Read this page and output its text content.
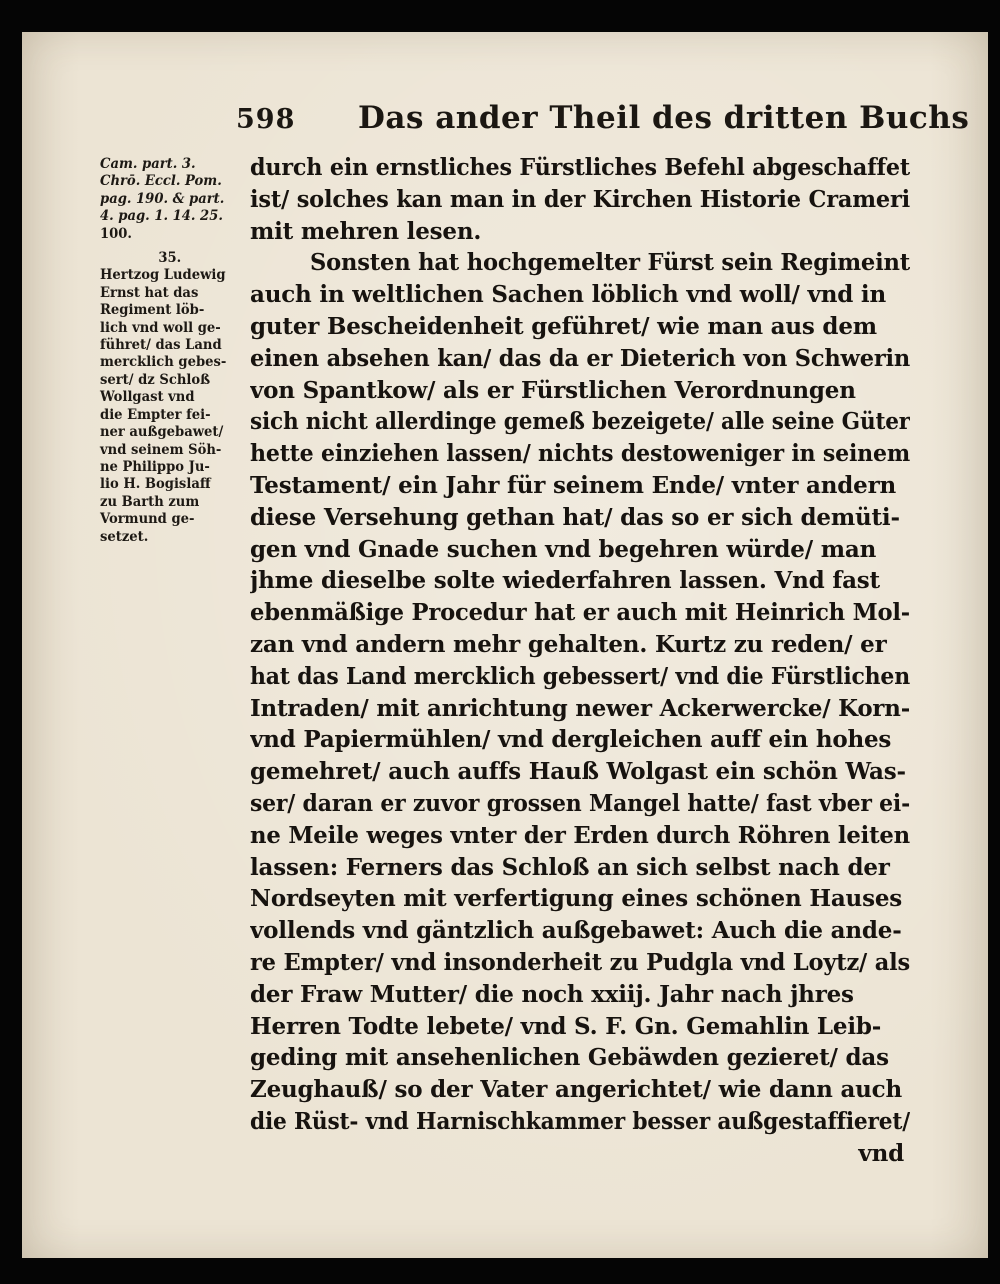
598 Das ander Theil des dritten Buchs
Cam. part. 3.
Chrō. Eccl. Pom.
pag. 190. & part.
4. pag. 1. 14. 25.
100.
35.
Hertzog Ludewig
Ernst hat das
Regiment löb-
lich vnd woll ge-
führet/ das Land
mercklich gebes-
sert/ dz Schloß
Wollgast vnd
die Empter fei-
ner außgebawet/
vnd seinem Söh-
ne Philippo Ju-
lio H. Bogislaff
zu Barth zum
Vormund ge-
setzet.
durch ein ernstliches Fürstliches Befehl abgeschaffet
ist/ solches kan man in der Kirchen Historie Crameri
mit mehren lesen.
Sonsten hat hochgemelter Fürst sein Regimeint
auch in weltlichen Sachen löblich vnd woll/ vnd in
guter Bescheidenheit geführet/ wie man aus dem
einen absehen kan/ das da er Dieterich von Schwerin
von Spantkow/ als er Fürstlichen Verordnungen
sich nicht allerdinge gemeß bezeigete/ alle seine Güter
hette einziehen lassen/ nichts destoweniger in seinem
Testament/ ein Jahr für seinem Ende/ vnter andern
diese Versehung gethan hat/ das so er sich demüti-
gen vnd Gnade suchen vnd begehren würde/ man
jhme dieselbe solte wiederfahren lassen. Vnd fast
ebenmäßige Procedur hat er auch mit Heinrich Mol-
zan vnd andern mehr gehalten. Kurtz zu reden/ er
hat das Land mercklich gebessert/ vnd die Fürstlichen
Intraden/ mit anrichtung newer Ackerwercke/ Korn-
vnd Papiermühlen/ vnd dergleichen auff ein hohes
gemehret/ auch auffs Hauß Wolgast ein schön Was-
ser/ daran er zuvor grossen Mangel hatte/ fast vber ei-
ne Meile weges vnter der Erden durch Röhren leiten
lassen: Ferners das Schloß an sich selbst nach der
Nordseyten mit verfertigung eines schönen Hauses
vollends vnd gäntzlich außgebawet: Auch die ande-
re Empter/ vnd insonderheit zu Pudgla vnd Loytz/ als
der Fraw Mutter/ die noch xxiij. Jahr nach jhres
Herren Todte lebete/ vnd S. F. Gn. Gemahlin Leib-
geding mit ansehenlichen Gebäwden gezieret/ das
Zeughauß/ so der Vater angerichtet/ wie dann auch
die Rüst- vnd Harnischkammer besser außgestaffieret/
vnd
